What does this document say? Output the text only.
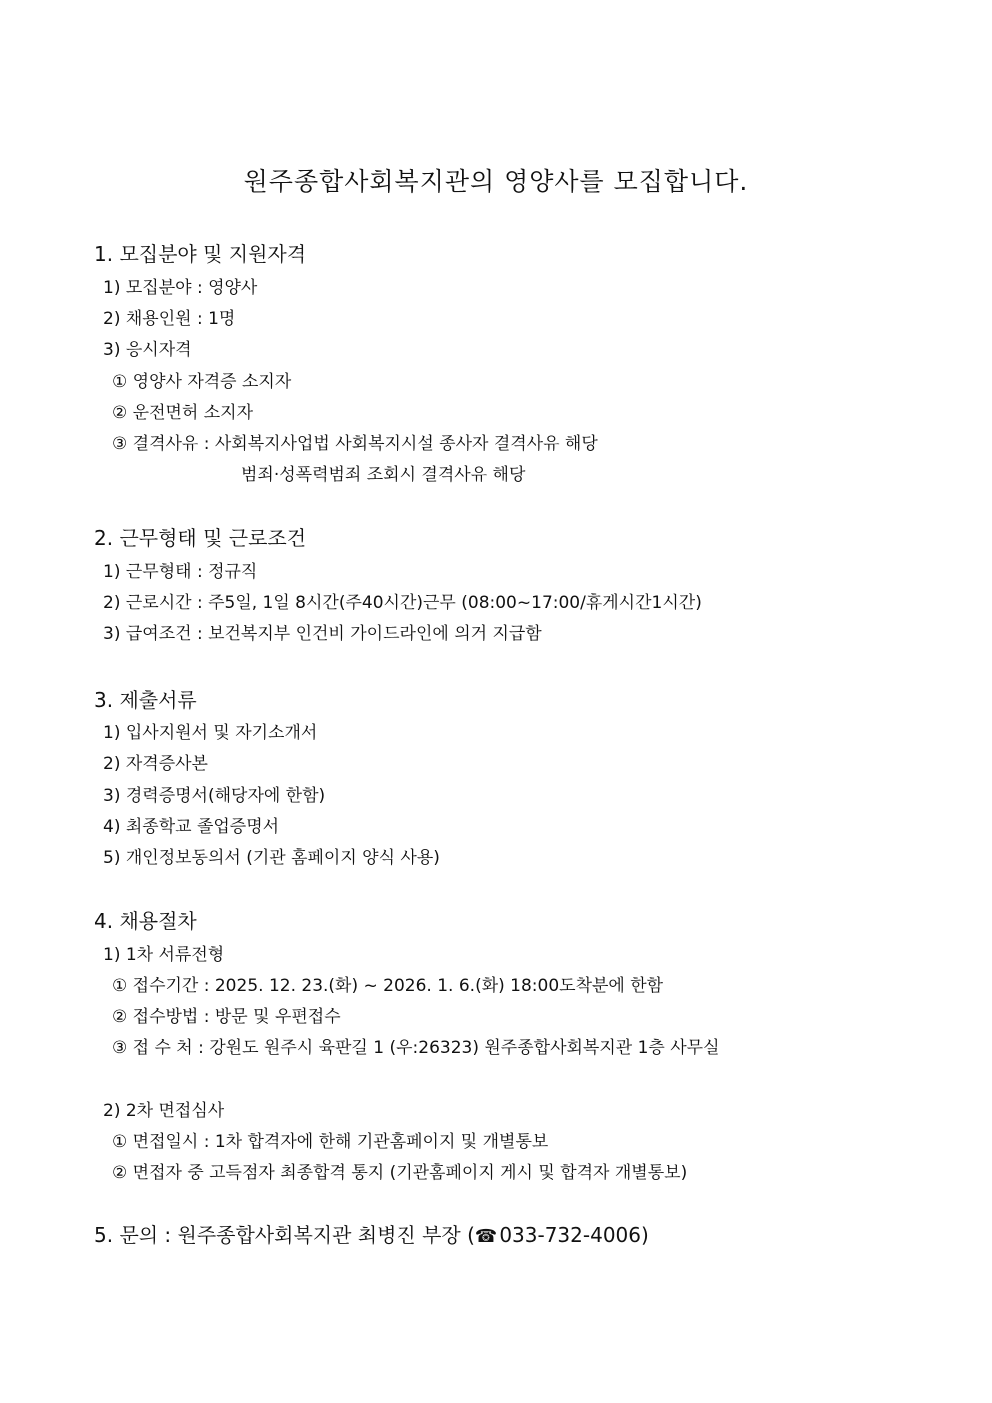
원주종합사회복지관의 영양사를 모집합니다.
1. 모집분야 및 지원자격
1) 모집분야 : 영양사
2) 채용인원 : 1명
3) 응시자격
① 영양사 자격증 소지자
② 운전면허 소지자
③ 결격사유 : 사회복지사업법 사회복지시설 종사자 결격사유 해당
범죄·성폭력범죄 조회시 결격사유 해당
2. 근무형태 및 근로조건
1) 근무형태 : 정규직
2) 근로시간 : 주5일, 1일 8시간(주40시간)근무 (08:00~17:00/휴게시간1시간)
3) 급여조건 : 보건복지부 인건비 가이드라인에 의거 지급함
3. 제출서류
1) 입사지원서 및 자기소개서
2) 자격증사본
3) 경력증명서(해당자에 한함)
4) 최종학교 졸업증명서
5) 개인정보동의서 (기관 홈페이지 양식 사용)
4. 채용절차
1) 1차 서류전형
① 접수기간 : 2025. 12. 23.(화) ~ 2026. 1. 6.(화) 18:00도착분에 한함
② 접수방법 : 방문 및 우편접수
③ 접 수 처 : 강원도 원주시 육판길 1 (우:26323) 원주종합사회복지관 1층 사무실
2) 2차 면접심사
① 면접일시 : 1차 합격자에 한해 기관홈페이지 및 개별통보
② 면접자 중 고득점자 최종합격 통지 (기관홈페이지 게시 및 합격자 개별통보)
5. 문의 : 원주종합사회복지관 최병진 부장 (☎ 033-732-4006)
